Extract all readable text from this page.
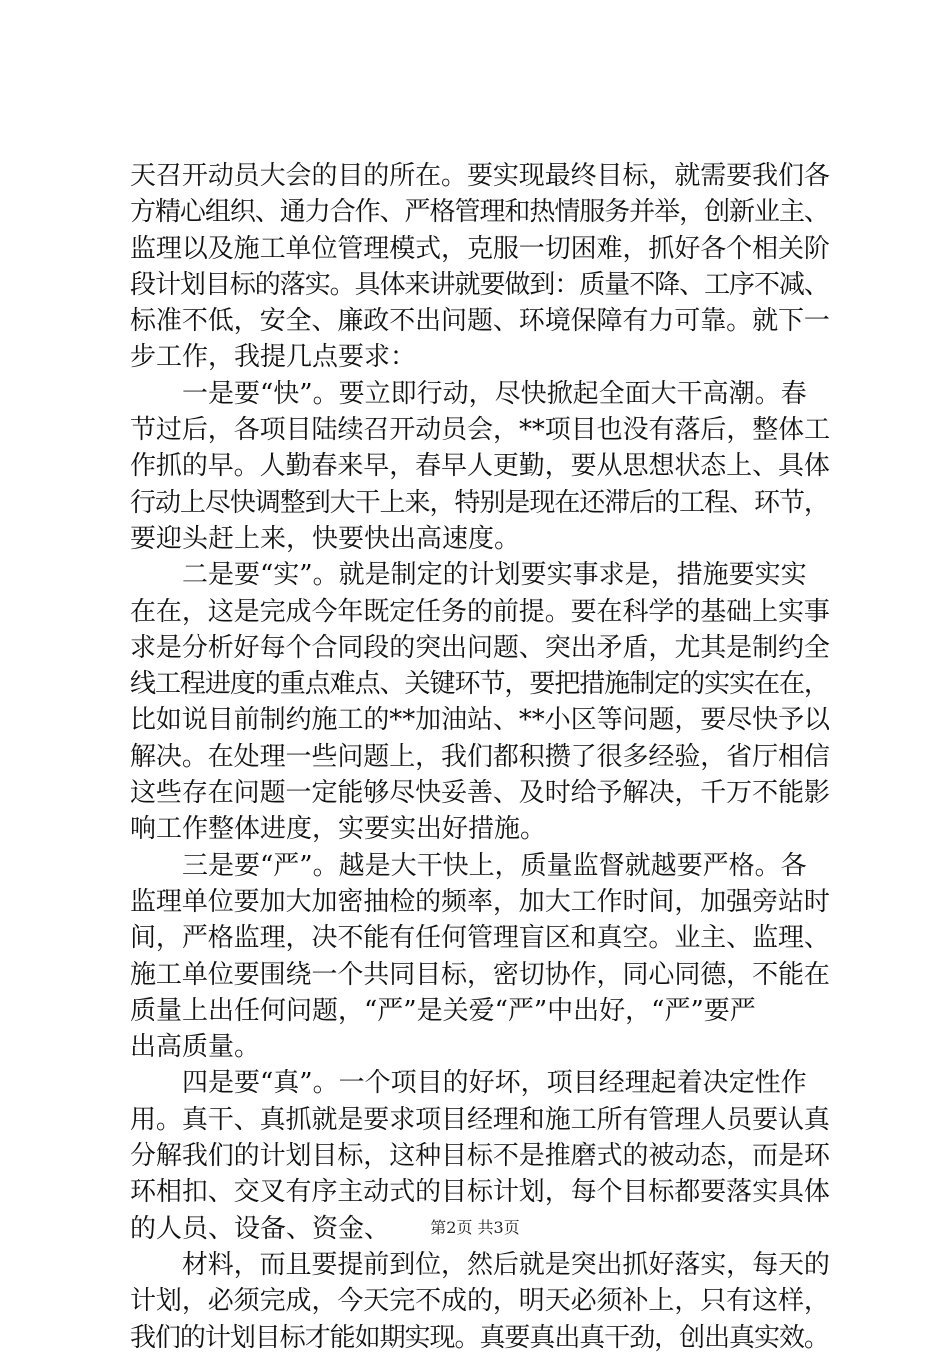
天召开动员大会的目的所在。要实现最终目标，就需要我们各
方精心组织、通力合作、严格管理和热情服务并举，创新业主、
监理以及施工单位管理模式，克服一切困难，抓好各个相关阶
段计划目标的落实。具体来讲就要做到：质量不降、工序不减、
标准不低，安全、廉政不出问题、环境保障有力可靠。就下一
步工作，我提几点要求：
　　一是要“快”。要立即行动，尽快掀起全面大干高潮。春
节过后，各项目陆续召开动员会，**项目也没有落后，整体工
作抓的早。人勤春来早，春早人更勤，要从思想状态上、具体
行动上尽快调整到大干上来，特别是现在还滞后的工程、环节，
要迎头赶上来，快要快出高速度。
　　二是要“实”。就是制定的计划要实事求是，措施要实实
在在，这是完成今年既定任务的前提。要在科学的基础上实事
求是分析好每个合同段的突出问题、突出矛盾，尤其是制约全
线工程进度的重点难点、关键环节，要把措施制定的实实在在，
比如说目前制约施工的**加油站、**小区等问题，要尽快予以
解决。在处理一些问题上，我们都积攒了很多经验，省厅相信
这些存在问题一定能够尽快妥善、及时给予解决，千万不能影
响工作整体进度，实要实出好措施。
　　三是要“严”。越是大干快上，质量监督就越要严格。各
监理单位要加大加密抽检的频率，加大工作时间，加强旁站时
间，严格监理，决不能有任何管理盲区和真空。业主、监理、
施工单位要围绕一个共同目标，密切协作，同心同德，不能在
质量上出任何问题，“严”是关爱“严”中出好，“严”要严
出高质量。
　　四是要“真”。一个项目的好坏，项目经理起着决定性作
用。真干、真抓就是要求项目经理和施工所有管理人员要认真
分解我们的计划目标，这种目标不是推磨式的被动态，而是环
环相扣、交叉有序主动式的目标计划，每个目标都要落实具体
的人员、设备、资金、
　　材料，而且要提前到位，然后就是突出抓好落实，每天的
计划，必须完成，今天完不成的，明天必须补上，只有这样，
我们的计划目标才能如期实现。真要真出真干劲，创出真实效。
第2页 共3页
